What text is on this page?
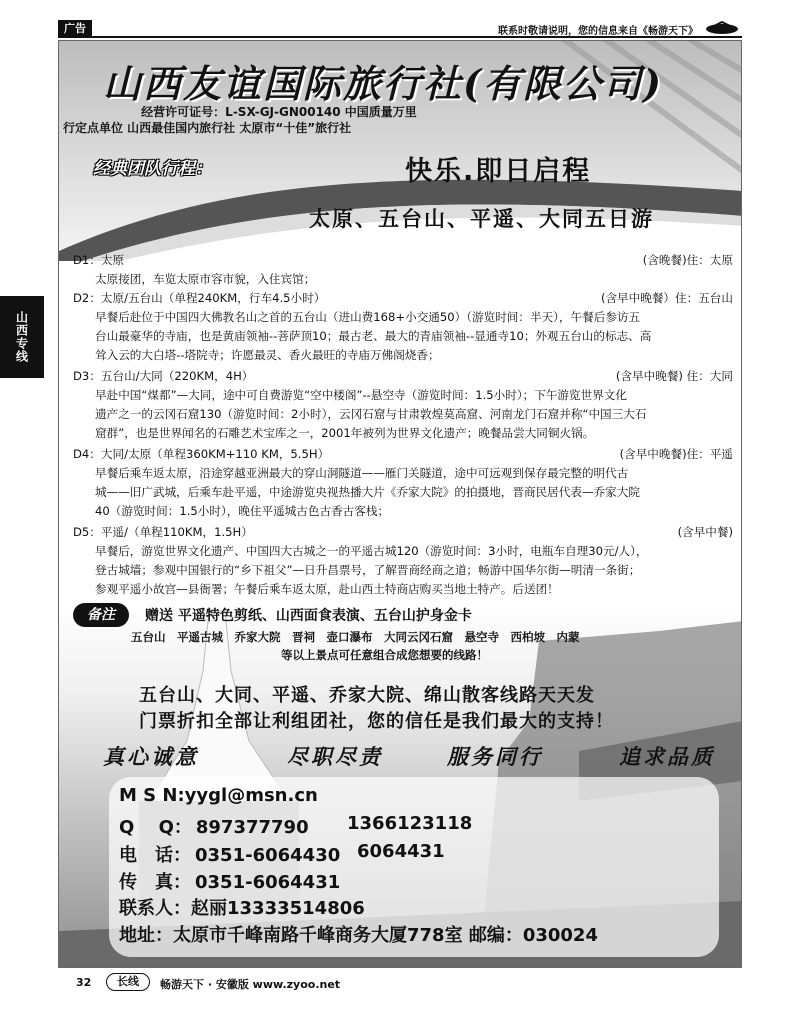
广告	联系时敬请说明，您的信息来自《畅游天下》
山西专线
山西友谊国际旅行社(有限公司)
经营许可证号：L-SX-GJ-GN00140 中国质量万里
行定点单位 山西最佳国内旅行社 太原市“十佳”旅行社
经典团队行程：	快乐.即日启程
太原、五台山、平遥、大同五日游
D1：太原	(含晚餐)住：太原

太原接团，车览太原市容市貌，入住宾馆；

D2：太原/五台山（单程240KM，行车4.5小时）	(含早中晚餐）住：五台山

早餐后赴位于中国四大佛教名山之首的五台山（进山费168+小交通50）（游览时间：半天），午餐后参访五

台山最豪华的寺庙，也是黄庙领袖--菩萨顶10；最古老、最大的青庙领袖--显通寺10；外观五台山的标志、高

耸入云的大白塔--塔院寺；许愿最灵、香火最旺的寺庙万佛阁烧香；

D3：五台山/大同（220KM，4H）	(含早中晚餐) 住：大同

早赴中国“煤都”—大同，途中可自费游览“空中楼阁”--悬空寺（游览时间：1.5小时）；下午游览世界文化

遗产之一的云冈石窟130（游览时间：2小时），云冈石窟与甘肃敦煌莫高窟、河南龙门石窟并称“中国三大石

窟群”，也是世界闻名的石雕艺术宝库之一，2001年被列为世界文化遗产；晚餐品尝大同铜火锅。

D4：大同/太原（单程360KM+110 KM，5.5H）	(含早中晚餐)住：平遥

早餐后乘车返太原，沿途穿越亚洲最大的穿山洞隧道——雁门关隧道，途中可远观到保存最完整的明代古

城——旧广武城，后乘车赴平遥，中途游览央视热播大片《乔家大院》的拍摄地，晋商民居代表—乔家大院

40（游览时间：1.5小时），晚住平遥城古色古香古客栈；

D5：平遥/（单程110KM，1.5H）	(含早中餐)

早餐后，游览世界文化遗产、中国四大古城之一的平遥古城120（游览时间：3小时，电瓶车自理30元/人），

登古城墙；参观中国银行的“乡下祖父”—日升昌票号，了解晋商经商之道；畅游中国华尔街—明清一条街；

参观平遥小故宫—县衙署；午餐后乘车返太原，赴山西土特商店购买当地土特产。后送团！

备注	赠送 平遥特色剪纸、山西面食表演、五台山护身金卡
五台山　平遥古城　乔家大院　晋祠　壶口瀑布　大同云冈石窟　悬空寺　西柏坡　内蒙
等以上景点可任意组合成您想要的线路！
五台山、大同、平遥、乔家大院、绵山散客线路天天发
门票折扣全部让利组团社，您的信任是我们最大的支持！
真心诚意	尽职尽责	服务同行	追求品质
M S N:yygl@msn.cn
Q　 Q： 897377790 1366123118
电　话： 0351-6064430 6064431
传　真： 0351-6064431
联系人：赵丽13333514806
地址：太原市千峰南路千峰商务大厦778室 邮编：030024
32	长线	畅游天下 · 安徽版 www.zyoo.net
